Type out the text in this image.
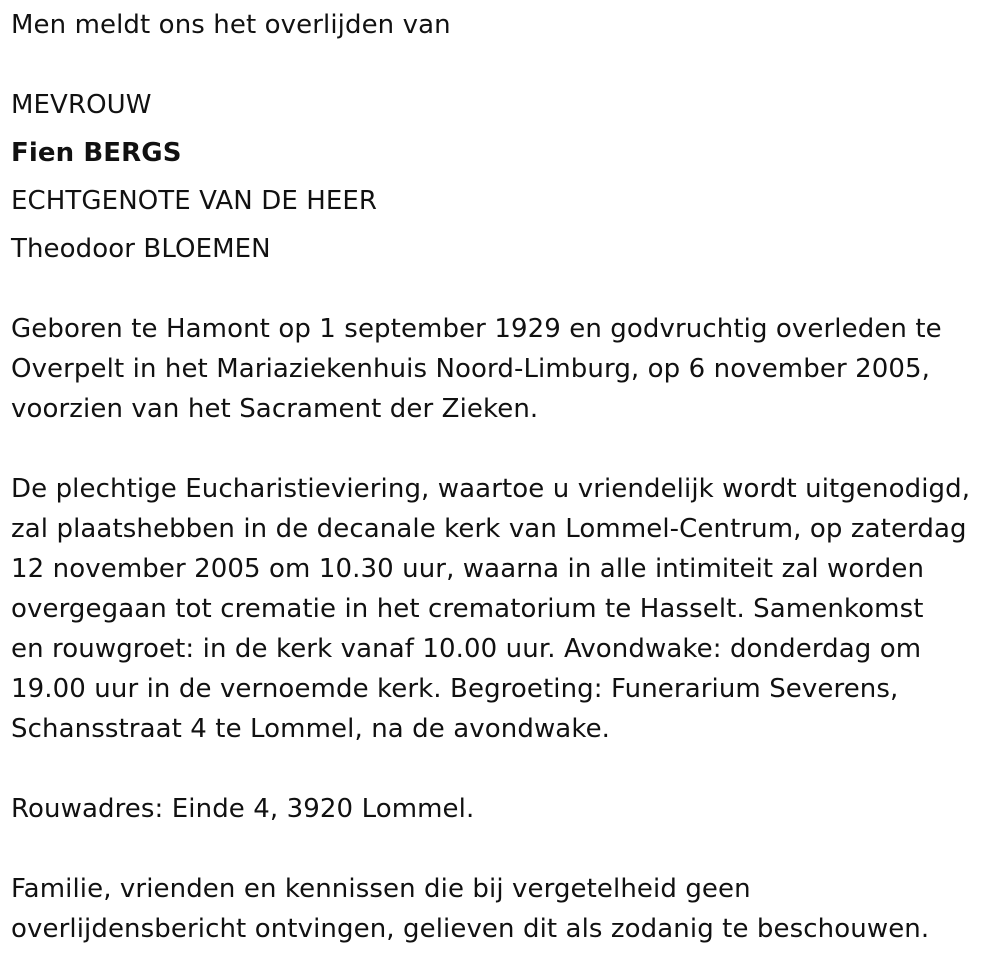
Men meldt ons het overlijden van
MEVROUW
Fien BERGS
ECHTGENOTE VAN DE HEER
Theodoor BLOEMEN
Geboren te Hamont op 1 september 1929 en godvruchtig overleden te
Overpelt in het Mariaziekenhuis Noord-Limburg, op 6 november 2005,
voorzien van het Sacrament der Zieken.
De plechtige Eucharistieviering, waartoe u vriendelijk wordt uitgenodigd,
zal plaatshebben in de decanale kerk van Lommel-Centrum, op zaterdag
12 november 2005 om 10.30 uur, waarna in alle intimiteit zal worden
overgegaan tot crematie in het crematorium te Hasselt. Samenkomst
en rouwgroet: in de kerk vanaf 10.00 uur. Avondwake: donderdag om
19.00 uur in de vernoemde kerk. Begroeting: Funerarium Severens,
Schansstraat 4 te Lommel, na de avondwake.
Rouwadres: Einde 4, 3920 Lommel.
Familie, vrienden en kennissen die bij vergetelheid geen
overlijdensbericht ontvingen, gelieven dit als zodanig te beschouwen.
